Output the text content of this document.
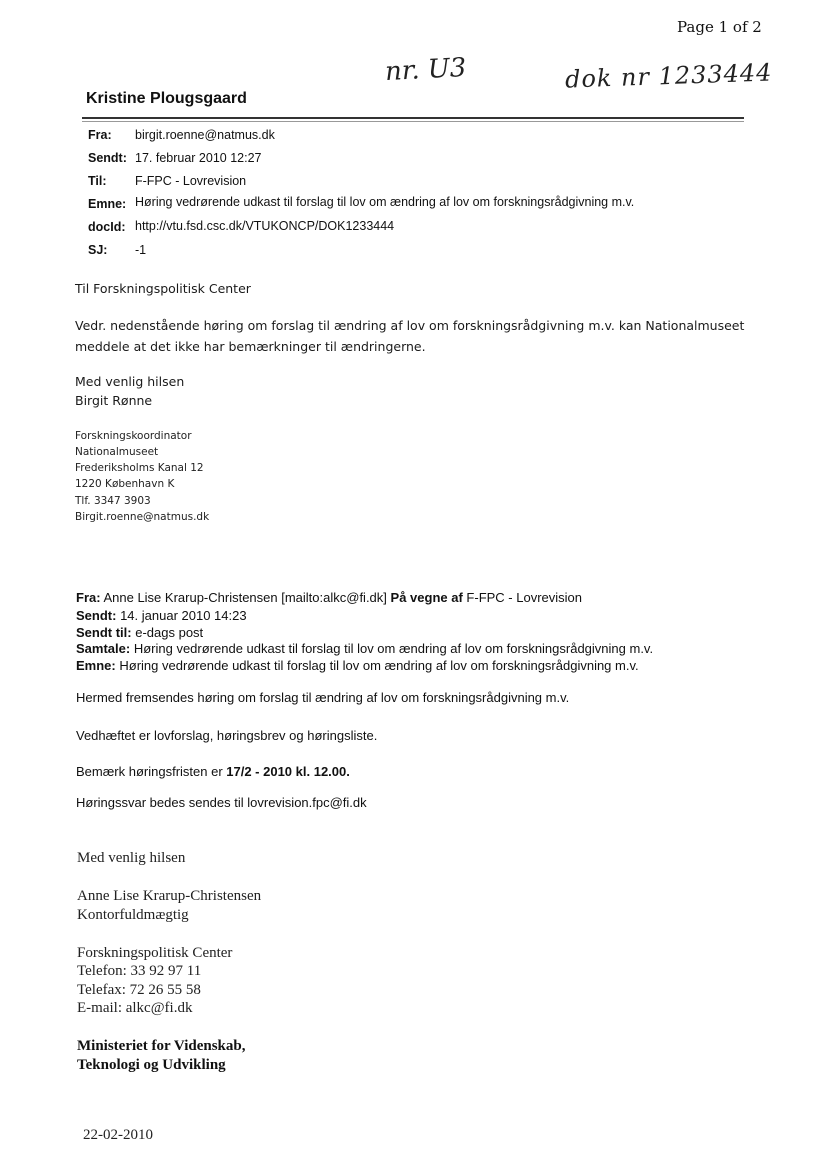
Page 1 of 2
nr. U3	dok nr 1233444
Kristine Plougsgaard
Fra: birgit.roenne@natmus.dk
Sendt: 17. februar 2010 12:27
Til: F-FPC - Lovrevision
Emne: Høring vedrørende udkast til forslag til lov om ændring af lov om forskningsrådgivning m.v.
docId: http://vtu.fsd.csc.dk/VTUKONCP/DOK1233444
SJ: -1
Til Forskningspolitisk Center
Vedr. nedenstående høring om forslag til ændring af lov om forskningsrådgivning m.v. kan Nationalmuseet
meddele at det ikke har bemærkninger til ændringerne.
Med venlig hilsen
Birgit Rønne
Forskningskoordinator
Nationalmuseet
Frederiksholms Kanal 12
1220 København K
Tlf. 3347 3903
Birgit.roenne@natmus.dk
Fra: Anne Lise Krarup-Christensen [mailto:alkc@fi.dk] På vegne af F-FPC - Lovrevision
Sendt: 14. januar 2010 14:23
Sendt til: e-dags post
Samtale: Høring vedrørende udkast til forslag til lov om ændring af lov om forskningsrådgivning m.v.
Emne: Høring vedrørende udkast til forslag til lov om ændring af lov om forskningsrådgivning m.v.
Hermed fremsendes høring om forslag til ændring af lov om forskningsrådgivning m.v.
Vedhæftet er lovforslag, høringsbrev og høringsliste.
Bemærk høringsfristen er 17/2 - 2010 kl. 12.00.
Høringssvar bedes sendes til lovrevision.fpc@fi.dk
Med venlig hilsen
Anne Lise Krarup-Christensen
Kontorfuldmægtig
Forskningspolitisk Center
Telefon: 33 92 97 11
Telefax: 72 26 55 58
E-mail: alkc@fi.dk
Ministeriet for Videnskab,
Teknologi og Udvikling
22-02-2010
